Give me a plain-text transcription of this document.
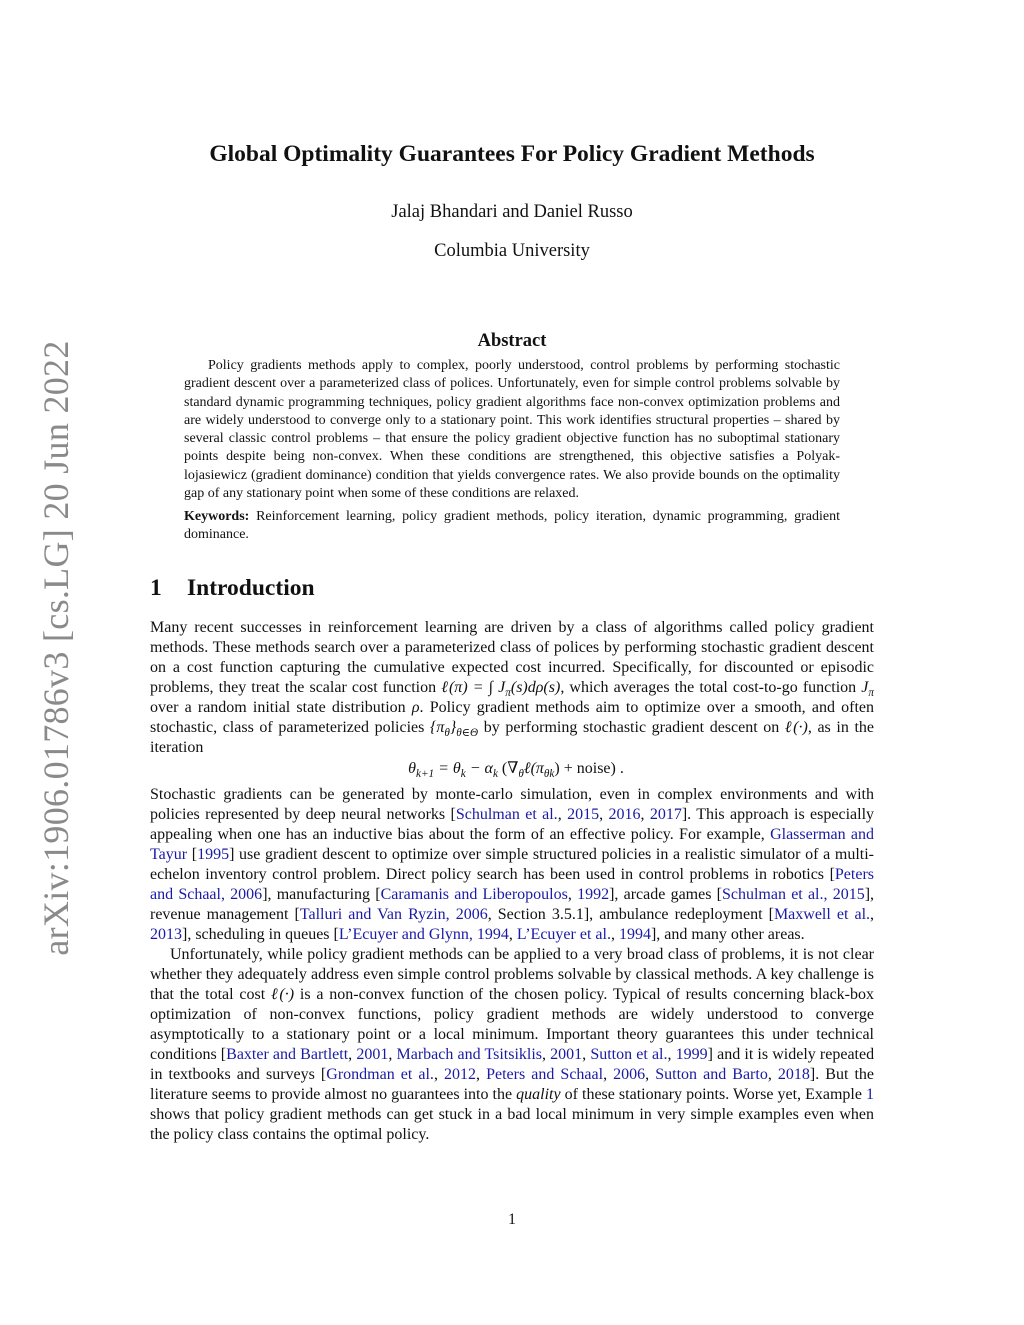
arXiv:1906.01786v3 [cs.LG] 20 Jun 2022
Global Optimality Guarantees For Policy Gradient Methods
Jalaj Bhandari and Daniel Russo
Columbia University
Abstract

Policy gradients methods apply to complex, poorly understood, control problems by performing stochastic gradient descent over a parameterized class of polices. Unfortunately, even for simple control problems solvable by standard dynamic programming techniques, policy gradient algorithms face non-convex optimization problems and are widely understood to converge only to a stationary point. This work identifies structural properties – shared by several classic control problems – that ensure the policy gradient objective function has no suboptimal stationary points despite being non-convex. When these conditions are strengthened, this objective satisfies a Polyak-lojasiewicz (gradient dominance) condition that yields convergence rates. We also provide bounds on the optimality gap of any stationary point when some of these conditions are relaxed.

Keywords: Reinforcement learning, policy gradient methods, policy iteration, dynamic programming, gradient dominance.

1 Introduction

Many recent successes in reinforcement learning are driven by a class of algorithms called policy gradient methods. These methods search over a parameterized class of polices by performing stochastic gradient descent on a cost function capturing the cumulative expected cost incurred. Specifically, for discounted or episodic problems, they treat the scalar cost function ℓ(π) = ∫ $J_\pi(s)d\rho(s)$, which averages the total cost-to-go function $J_\pi$ over a random initial state distribution ρ. Policy gradient methods aim to optimize over a smooth, and often stochastic, class of parameterized policies $\{\pi_\theta\}_{\theta\in\Theta}$ by performing stochastic gradient descent on ℓ(·), as in the iteration

$\theta_{k+1} = \theta_k - \alpha_k$ ($\nabla_\theta\ell(\pi_{\theta k})$ + noise) .

Stochastic gradients can be generated by monte-carlo simulation, even in complex environments and with policies represented by deep neural networks [Schulman et al., 2015, 2016, 2017]. This approach is especially appealing when one has an inductive bias about the form of an effective policy. For example, Glasserman and Tayur [1995] use gradient descent to optimize over simple structured policies in a realistic simulator of a multi-echelon inventory control problem. Direct policy search has been used in control problems in robotics [Peters and Schaal, 2006], manufacturing [Caramanis and Liberopoulos, 1992], arcade games [Schulman et al., 2015], revenue management [Talluri and Van Ryzin, 2006, Section 3.5.1], ambulance redeployment [Maxwell et al., 2013], scheduling in queues [L’Ecuyer and Glynn, 1994, L’Ecuyer et al., 1994], and many other areas.

Unfortunately, while policy gradient methods can be applied to a very broad class of problems, it is not clear whether they adequately address even simple control problems solvable by classical methods. A key challenge is that the total cost ℓ(·) is a non-convex function of the chosen policy. Typical of results concerning black-box optimization of non-convex functions, policy gradient methods are widely understood to converge asymptotically to a stationary point or a local minimum. Important theory guarantees this under technical conditions [Baxter and Bartlett, 2001, Marbach and Tsitsiklis, 2001, Sutton et al., 1999] and it is widely repeated in textbooks and surveys [Grondman et al., 2012, Peters and Schaal, 2006, Sutton and Barto, 2018]. But the literature seems to provide almost no guarantees into the quality of these stationary points. Worse yet, Example 1 shows that policy gradient methods can get stuck in a bad local minimum in very simple examples even when the policy class contains the optimal policy.

1
